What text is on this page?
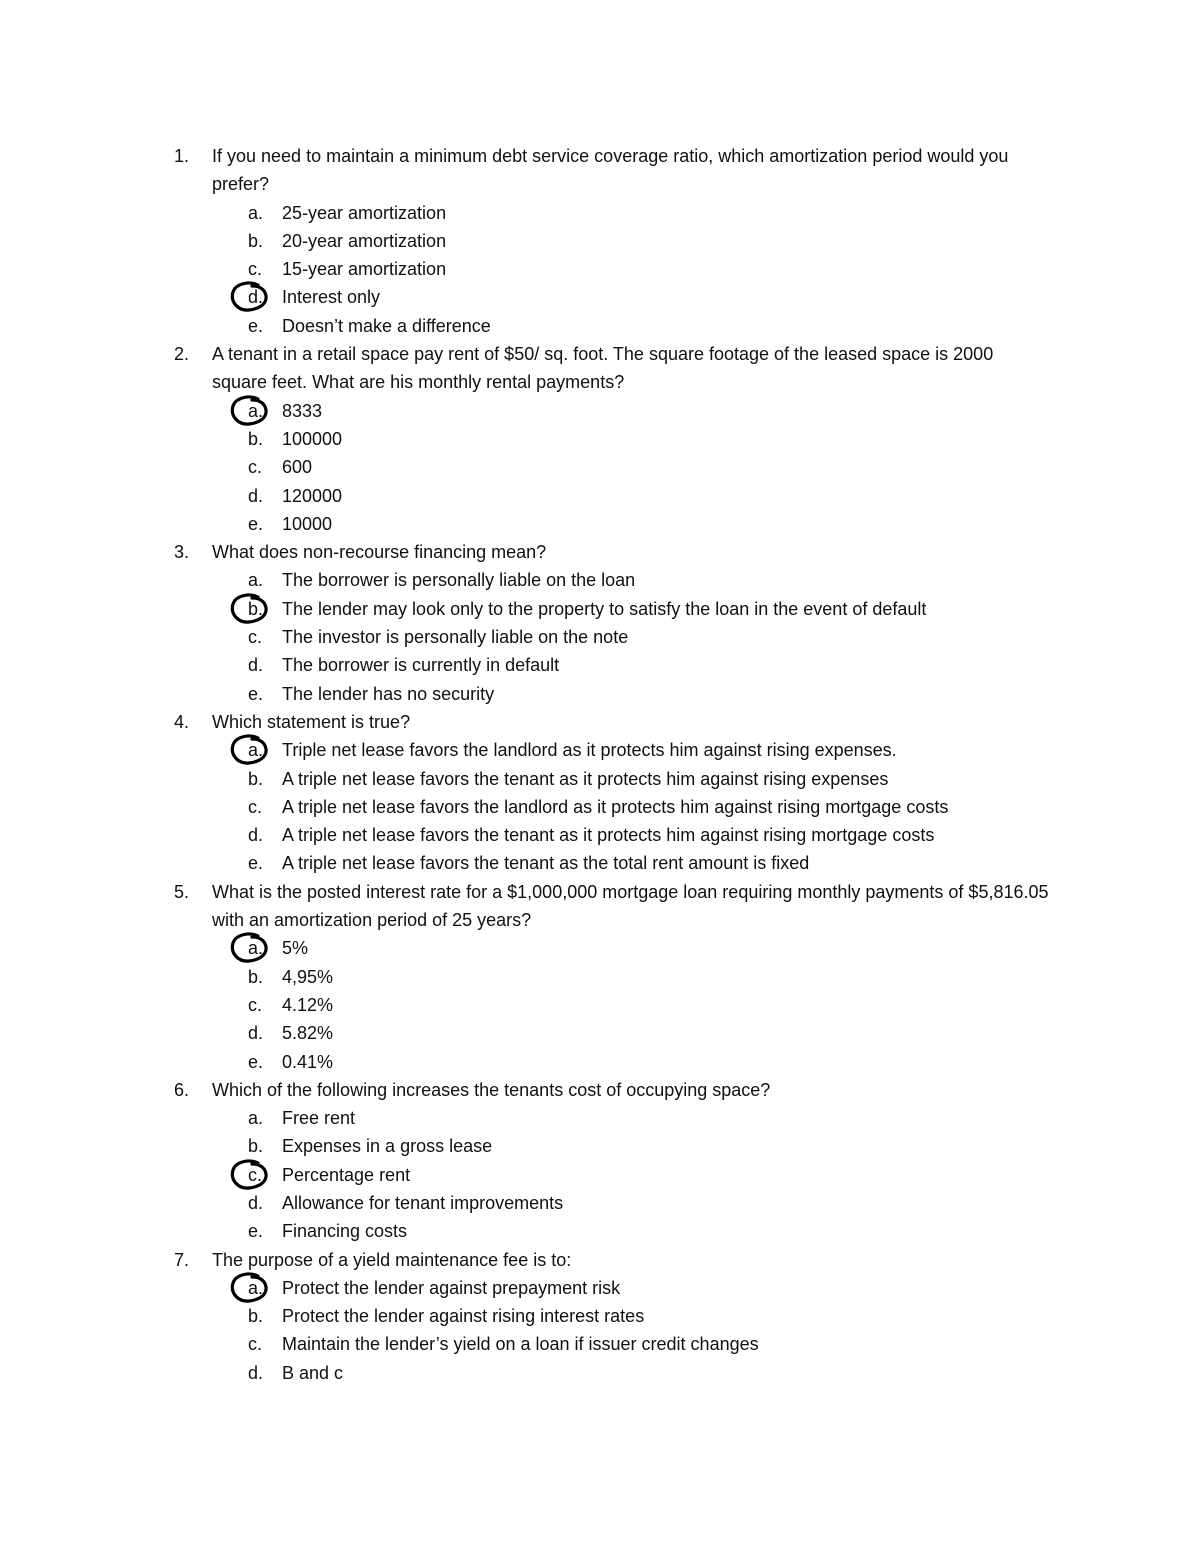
1.	If you need to maintain a minimum debt service coverage ratio, which amortization period would you prefer?
a. 25-year amortization
b. 20-year amortization
c. 15-year amortization
d. Interest only
e. Doesn’t make a difference
2.	A tenant in a retail space pay rent of $50/ sq. foot. The square footage of the leased space is 2000 square feet. What are his monthly rental payments?
a. 8333
b. 100000
c. 600
d. 120000
e. 10000
3.	What does non-recourse financing mean?
a. The borrower is personally liable on the loan
b. The lender may look only to the property to satisfy the loan in the event of default
c. The investor is personally liable on the note
d. The borrower is currently in default
e. The lender has no security
4.	Which statement is true?
a. Triple net lease favors the landlord as it protects him against rising expenses.
b. A triple net lease favors the tenant as it protects him against rising expenses
c. A triple net lease favors the landlord as it protects him against rising mortgage costs
d. A triple net lease favors the tenant as it protects him against rising mortgage costs
e. A triple net lease favors the tenant as the total rent amount is fixed
5.	What is the posted interest rate for a $1,000,000 mortgage loan requiring monthly payments of $5,816.05 with an amortization period of 25 years?
a. 5%
b. 4,95%
c. 4.12%
d. 5.82%
e. 0.41%
6.	Which of the following increases the tenants cost of occupying space?
a. Free rent
b. Expenses in a gross lease
c. Percentage rent
d. Allowance for tenant improvements
e. Financing costs
7.	The purpose of a yield maintenance fee is to:
a. Protect the lender against prepayment risk
b. Protect the lender against rising interest rates
c. Maintain the lender’s yield on a loan if issuer credit changes
d. B and c
